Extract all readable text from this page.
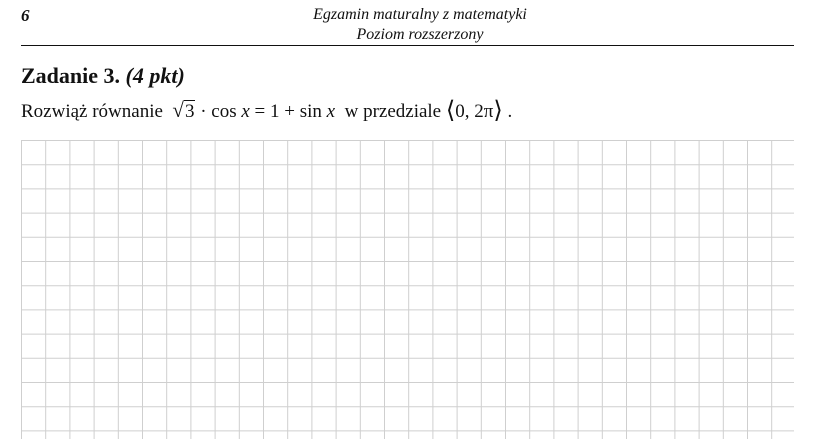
6	Egzamin maturalny z matematyki
Poziom rozszerzony
Zadanie 3. (4 pkt)
Rozwiąż równanie √3 · cos x = 1 + sin x w przedziale ⟨0, 2π⟩ .
